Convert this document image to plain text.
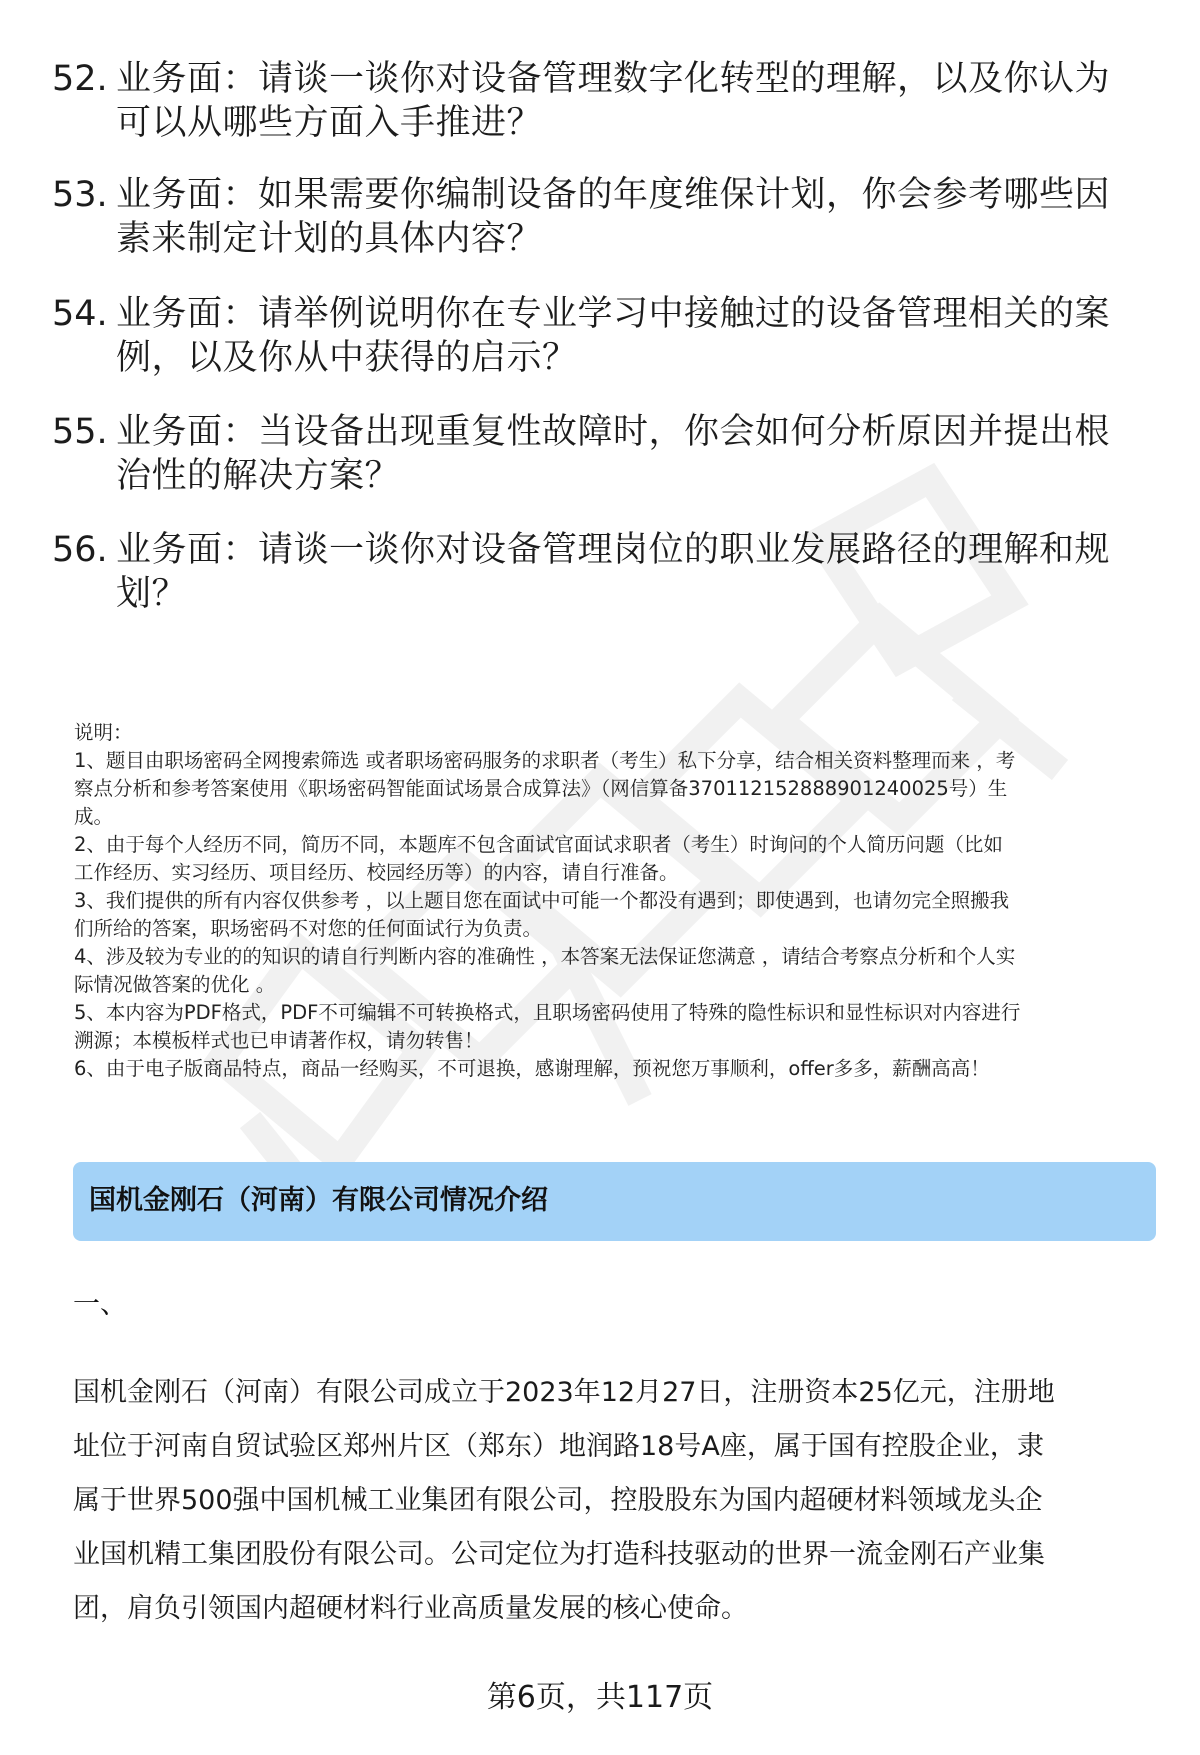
52. 业务面：请谈一谈你对设备管理数字化转型的理解，以及你认为
可以从哪些方面入手推进？
53. 业务面：如果需要你编制设备的年度维保计划，你会参考哪些因
素来制定计划的具体内容？
54. 业务面：请举例说明你在专业学习中接触过的设备管理相关的案
例，以及你从中获得的启示？
55. 业务面：当设备出现重复性故障时，你会如何分析原因并提出根
治性的解决方案？
56. 业务面：请谈一谈你对设备管理岗位的职业发展路径的理解和规
划？
说明：
1、题目由职场密码全网搜索筛选 或者职场密码服务的求职者（考生）私下分享，结合相关资料整理而来 ，考
察点分析和参考答案使用《职场密码智能面试场景合成算法》（网信算备370112152888901240025号）生
成。
2、由于每个人经历不同，简历不同，本题库不包含面试官面试求职者（考生）时询问的个人简历问题（比如
工作经历、实习经历、项目经历、校园经历等）的内容，请自行准备。
3、我们提供的所有内容仅供参考 ，以上题目您在面试中可能一个都没有遇到；即使遇到，也请勿完全照搬我
们所给的答案，职场密码不对您的任何面试行为负责。
4、涉及较为专业的的知识的请自行判断内容的准确性 ，本答案无法保证您满意 ，请结合考察点分析和个人实
际情况做答案的优化 。
5、本内容为PDF格式，PDF不可编辑不可转换格式，且职场密码使用了特殊的隐性标识和显性标识对内容进行
溯源；本模板样式也已申请著作权，请勿转售！
6、由于电子版商品特点，商品一经购买，不可退换，感谢理解，预祝您万事顺利，offer多多，薪酬高高！
国机金刚石（河南）有限公司情况介绍
一、
国机金刚石（河南）有限公司成立于2023年12月27日，注册资本25亿元，注册地
址位于河南自贸试验区郑州片区（郑东）地润路18号A座，属于国有控股企业，隶
属于世界500强中国机械工业集团有限公司，控股股东为国内超硬材料领域龙头企
业国机精工集团股份有限公司。公司定位为打造科技驱动的世界一流金刚石产业集
团，肩负引领国内超硬材料行业高质量发展的核心使命。
第6页，共117页
